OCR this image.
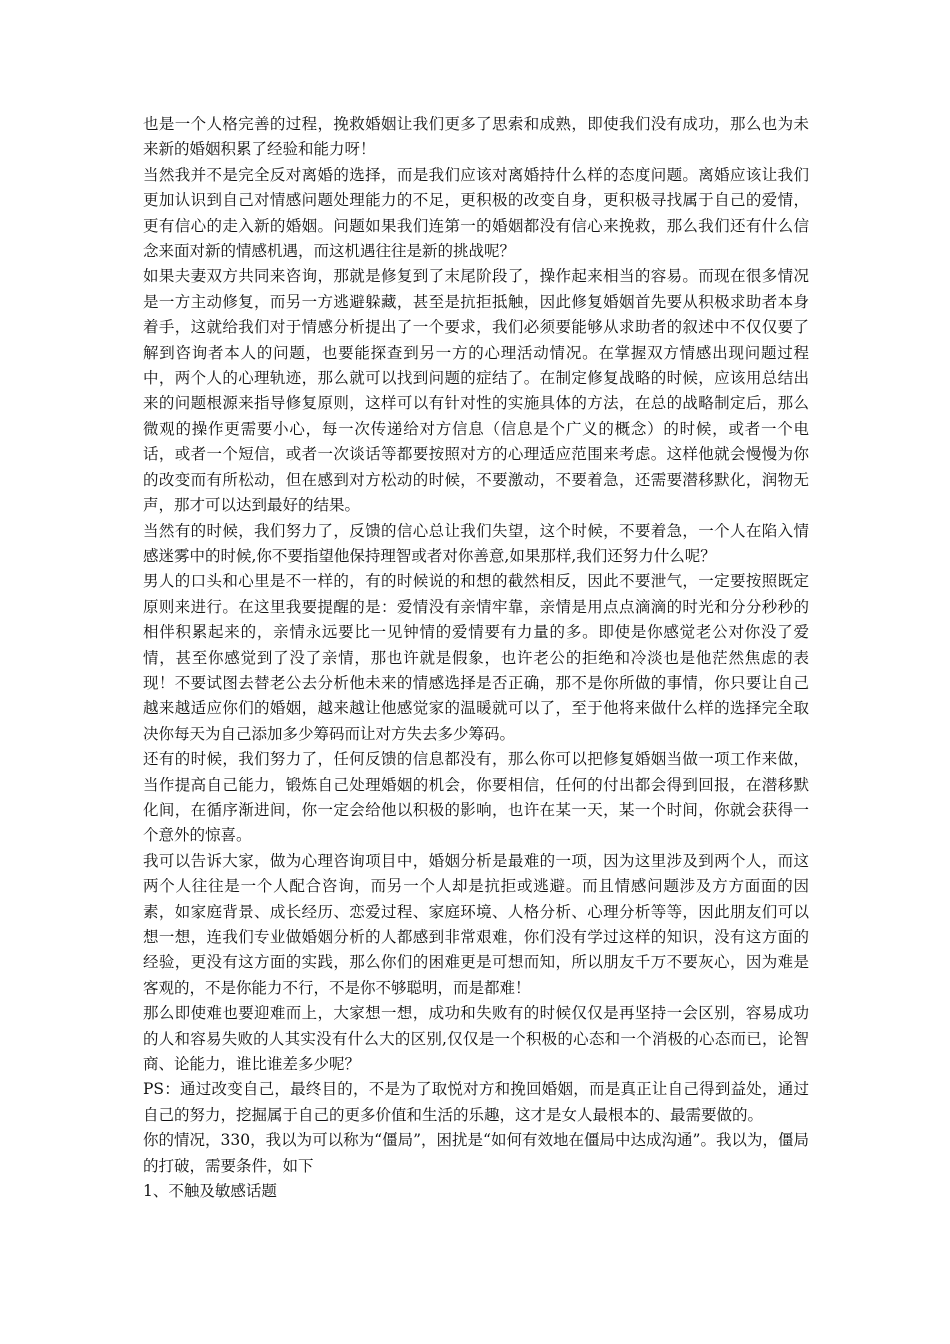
也是一个人格完善的过程，挽救婚姻让我们更多了思索和成熟，即使我们没有成功，那么也为未来新的婚姻积累了经验和能力呀！

当然我并不是完全反对离婚的选择，而是我们应该对离婚持什么样的态度问题。离婚应该让我们更加认识到自己对情感问题处理能力的不足，更积极的改变自身，更积极寻找属于自己的爱情，更有信心的走入新的婚姻。问题如果我们连第一的婚姻都没有信心来挽救，那么我们还有什么信念来面对新的情感机遇，而这机遇往往是新的挑战呢？

如果夫妻双方共同来咨询，那就是修复到了末尾阶段了，操作起来相当的容易。而现在很多情况是一方主动修复，而另一方逃避躲藏，甚至是抗拒抵触，因此修复婚姻首先要从积极求助者本身着手，这就给我们对于情感分析提出了一个要求，我们必须要能够从求助者的叙述中不仅仅要了解到咨询者本人的问题，也要能探查到另一方的心理活动情况。在掌握双方情感出现问题过程中，两个人的心理轨迹，那么就可以找到问题的症结了。在制定修复战略的时候，应该用总结出来的问题根源来指导修复原则，这样可以有针对性的实施具体的方法，在总的战略制定后，那么微观的操作更需要小心，每一次传递给对方信息（信息是个广义的概念）的时候，或者一个电话，或者一个短信，或者一次谈话等都要按照对方的心理适应范围来考虑。这样他就会慢慢为你的改变而有所松动，但在感到对方松动的时候，不要激动，不要着急，还需要潜移默化，润物无声，那才可以达到最好的结果。

当然有的时候，我们努力了，反馈的信心总让我们失望，这个时候，不要着急，一个人在陷入情感迷雾中的时候,你不要指望他保持理智或者对你善意,如果那样,我们还努力什么呢？

男人的口头和心里是不一样的，有的时候说的和想的截然相反，因此不要泄气，一定要按照既定原则来进行。在这里我要提醒的是：爱情没有亲情牢靠，亲情是用点点滴滴的时光和分分秒秒的相伴积累起来的，亲情永远要比一见钟情的爱情要有力量的多。即使是你感觉老公对你没了爱情，甚至你感觉到了没了亲情，那也许就是假象，也许老公的拒绝和冷淡也是他茫然焦虑的表现！不要试图去替老公去分析他未来的情感选择是否正确，那不是你所做的事情，你只要让自己越来越适应你们的婚姻，越来越让他感觉家的温暖就可以了，至于他将来做什么样的选择完全取决你每天为自己添加多少筹码而让对方失去多少筹码。

还有的时候，我们努力了，任何反馈的信息都没有，那么你可以把修复婚姻当做一项工作来做，当作提高自己能力，锻炼自己处理婚姻的机会，你要相信，任何的付出都会得到回报，在潜移默化间，在循序渐进间，你一定会给他以积极的影响，也许在某一天，某一个时间，你就会获得一个意外的惊喜。

我可以告诉大家，做为心理咨询项目中，婚姻分析是最难的一项，因为这里涉及到两个人，而这两个人往往是一个人配合咨询，而另一个人却是抗拒或逃避。而且情感问题涉及方方面面的因素，如家庭背景、成长经历、恋爱过程、家庭环境、人格分析、心理分析等等，因此朋友们可以想一想，连我们专业做婚姻分析的人都感到非常艰难，你们没有学过这样的知识，没有这方面的经验，更没有这方面的实践，那么你们的困难更是可想而知，所以朋友千万不要灰心，因为难是客观的，不是你能力不行，不是你不够聪明，而是都难！

那么即使难也要迎难而上，大家想一想，成功和失败有的时候仅仅是再坚持一会区别，容易成功的人和容易失败的人其实没有什么大的区别,仅仅是一个积极的心态和一个消极的心态而已，论智商、论能力，谁比谁差多少呢？

PS：通过改变自己，最终目的，不是为了取悦对方和挽回婚姻，而是真正让自己得到益处，通过自己的努力，挖掘属于自己的更多价值和生活的乐趣，这才是女人最根本的、最需要做的。

你的情况，330，我以为可以称为“僵局”，困扰是“如何有效地在僵局中达成沟通”。我以为，僵局的打破，需要条件，如下

1、不触及敏感话题
